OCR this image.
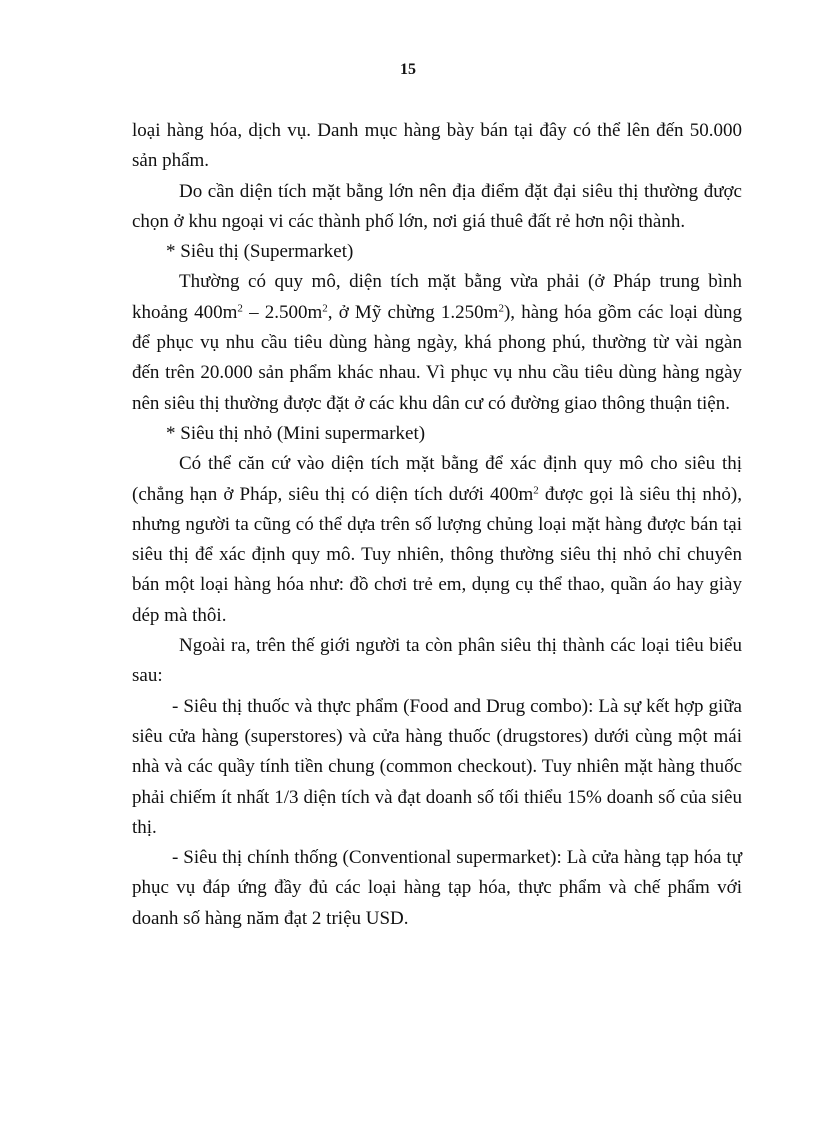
15

loại hàng hóa, dịch vụ. Danh mục hàng bày bán tại đây có thể lên đến 50.000 sản phẩm.

Do cần diện tích mặt bằng lớn nên địa điểm đặt đại siêu thị thường được chọn ở khu ngoại vi các thành phố lớn, nơi giá thuê đất rẻ hơn nội thành.

* Siêu thị (Supermarket)

Thường có quy mô, diện tích mặt bằng vừa phải (ở Pháp trung bình khoảng $400m^2 - 2.500m^2$, ở Mỹ chừng $1.250m^2$), hàng hóa gồm các loại dùng để phục vụ nhu cầu tiêu dùng hàng ngày, khá phong phú, thường từ vài ngàn đến trên 20.000 sản phẩm khác nhau. Vì phục vụ nhu cầu tiêu dùng hàng ngày nên siêu thị thường được đặt ở các khu dân cư có đường giao thông thuận tiện.

* Siêu thị nhỏ (Mini supermarket)

Có thể căn cứ vào diện tích mặt bằng để xác định quy mô cho siêu thị (chẳng hạn ở Pháp, siêu thị có diện tích dưới $400m^2$ được gọi là siêu thị nhỏ), nhưng người ta cũng có thể dựa trên số lượng chủng loại mặt hàng được bán tại siêu thị để xác định quy mô. Tuy nhiên, thông thường siêu thị nhỏ chỉ chuyên bán một loại hàng hóa như: đồ chơi trẻ em, dụng cụ thể thao, quần áo hay giày dép mà thôi.

Ngoài ra, trên thế giới người ta còn phân siêu thị thành các loại tiêu biểu sau:

- Siêu thị thuốc và thực phẩm (Food and Drug combo): Là sự kết hợp giữa siêu cửa hàng (superstores) và cửa hàng thuốc (drugstores) dưới cùng một mái nhà và các quầy tính tiền chung (common checkout). Tuy nhiên mặt hàng thuốc phải chiếm ít nhất 1/3 diện tích và đạt doanh số tối thiểu 15% doanh số của siêu thị.

- Siêu thị chính thống (Conventional supermarket): Là cửa hàng tạp hóa tự phục vụ đáp ứng đầy đủ các loại hàng tạp hóa, thực phẩm và chế phẩm với doanh số hàng năm đạt 2 triệu USD.
